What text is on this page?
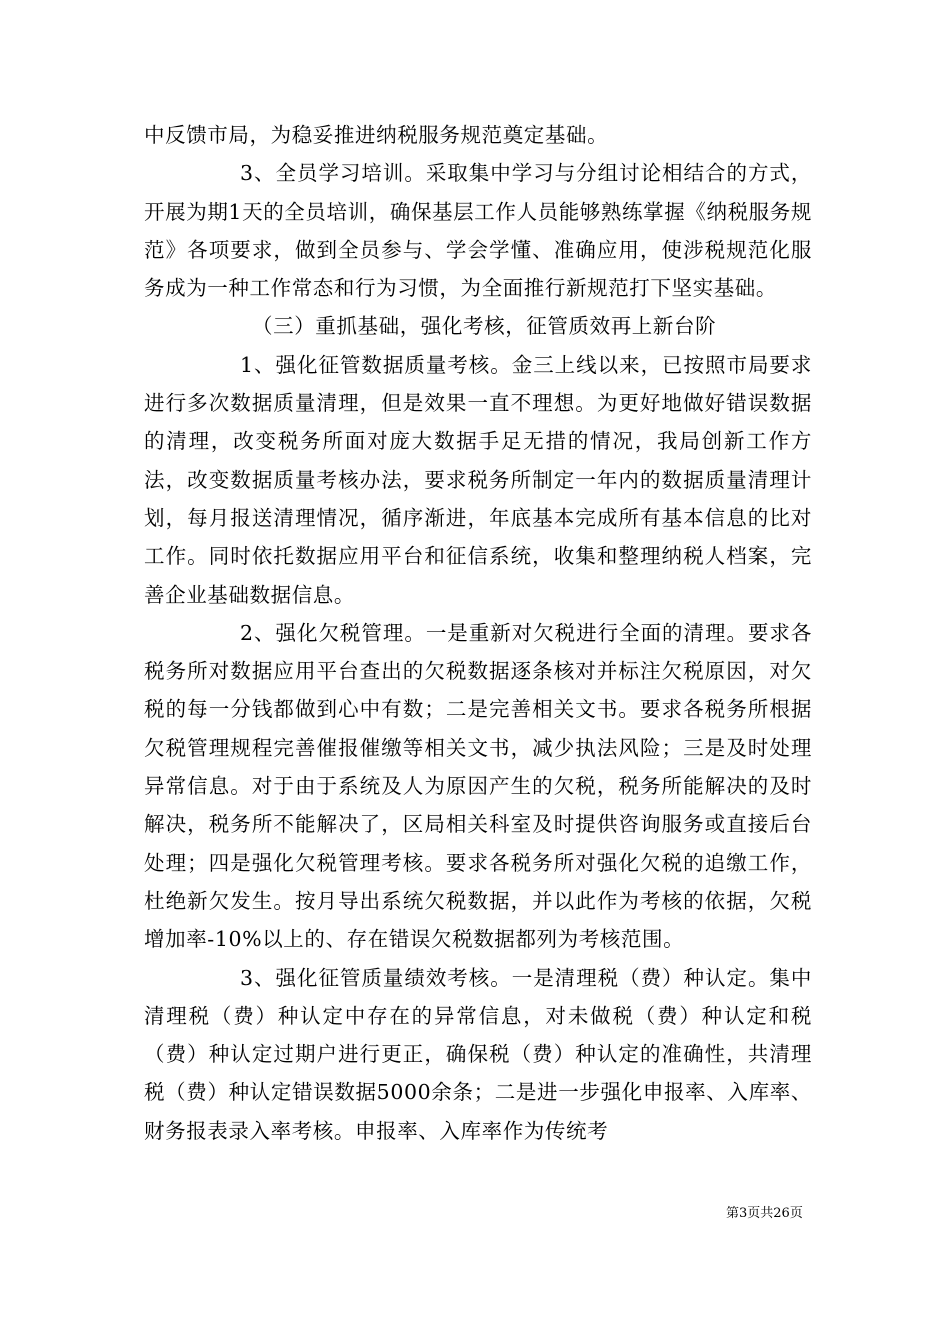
中反馈市局，为稳妥推进纳税服务规范奠定基础。

3、全员学习培训。采取集中学习与分组讨论相结合的方式，开展为期1天的全员培训，确保基层工作人员能够熟练掌握《纳税服务规范》各项要求，做到全员参与、学会学懂、准确应用，使涉税规范化服务成为一种工作常态和行为习惯，为全面推行新规范打下坚实基础。

（三）重抓基础，强化考核，征管质效再上新台阶

1、强化征管数据质量考核。金三上线以来，已按照市局要求进行多次数据质量清理，但是效果一直不理想。为更好地做好错误数据的清理，改变税务所面对庞大数据手足无措的情况，我局创新工作方法，改变数据质量考核办法，要求税务所制定一年内的数据质量清理计划，每月报送清理情况，循序渐进，年底基本完成所有基本信息的比对工作。同时依托数据应用平台和征信系统，收集和整理纳税人档案，完善企业基础数据信息。

2、强化欠税管理。一是重新对欠税进行全面的清理。要求各税务所对数据应用平台查出的欠税数据逐条核对并标注欠税原因，对欠税的每一分钱都做到心中有数；二是完善相关文书。要求各税务所根据欠税管理规程完善催报催缴等相关文书，减少执法风险；三是及时处理异常信息。对于由于系统及人为原因产生的欠税，税务所能解决的及时解决，税务所不能解决了，区局相关科室及时提供咨询服务或直接后台处理；四是强化欠税管理考核。要求各税务所对强化欠税的追缴工作，杜绝新欠发生。按月导出系统欠税数据，并以此作为考核的依据，欠税增加率-10%以上的、存在错误欠税数据都列为考核范围。

3、强化征管质量绩效考核。一是清理税（费）种认定。集中清理税（费）种认定中存在的异常信息，对未做税（费）种认定和税（费）种认定过期户进行更正，确保税（费）种认定的准确性，共清理税（费）种认定错误数据5000余条；二是进一步强化申报率、入库率、财务报表录入率考核。申报率、入库率作为传统考

第3页共26页
